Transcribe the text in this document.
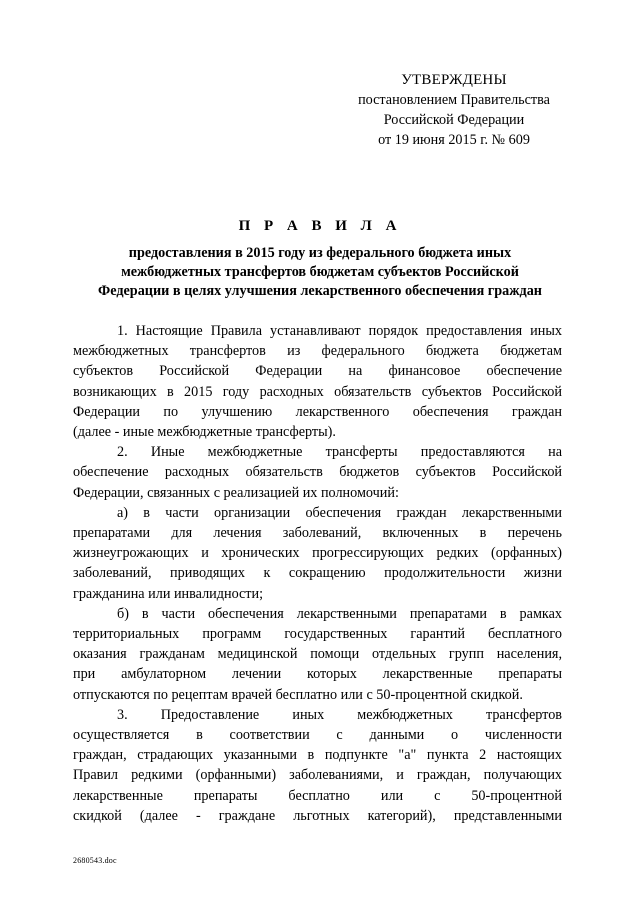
УТВЕРЖДЕНЫ
постановлением Правительства
Российской Федерации
от 19 июня 2015 г. № 609
П Р А В И Л А
предоставления в 2015 году из федерального бюджета иных
межбюджетных трансфертов бюджетам субъектов Российской
Федерации в целях улучшения лекарственного обеспечения граждан
1. Настоящие Правила устанавливают порядок предоставления иных
межбюджетных трансфертов из федерального бюджета бюджетам
субъектов Российской Федерации на финансовое обеспечение
возникающих в 2015 году расходных обязательств субъектов Российской
Федерации по улучшению лекарственного обеспечения граждан
(далее - иные межбюджетные трансферты).
2. Иные межбюджетные трансферты предоставляются на
обеспечение расходных обязательств бюджетов субъектов Российской
Федерации, связанных с реализацией их полномочий:
а) в части организации обеспечения граждан лекарственными
препаратами для лечения заболеваний, включенных в перечень
жизнеугрожающих и хронических прогрессирующих редких (орфанных)
заболеваний, приводящих к сокращению продолжительности жизни
гражданина или инвалидности;
б) в части обеспечения лекарственными препаратами в рамках
территориальных программ государственных гарантий бесплатного
оказания гражданам медицинской помощи отдельных групп населения,
при амбулаторном лечении которых лекарственные препараты
отпускаются по рецептам врачей бесплатно или с 50-процентной скидкой.
3. Предоставление иных межбюджетных трансфертов
осуществляется в соответствии с данными о численности
граждан, страдающих указанными в подпункте "а" пункта 2 настоящих
Правил редкими (орфанными) заболеваниями, и граждан, получающих
лекарственные препараты бесплатно или с 50-процентной
скидкой (далее - граждане льготных категорий), представленными
2680543.doc
